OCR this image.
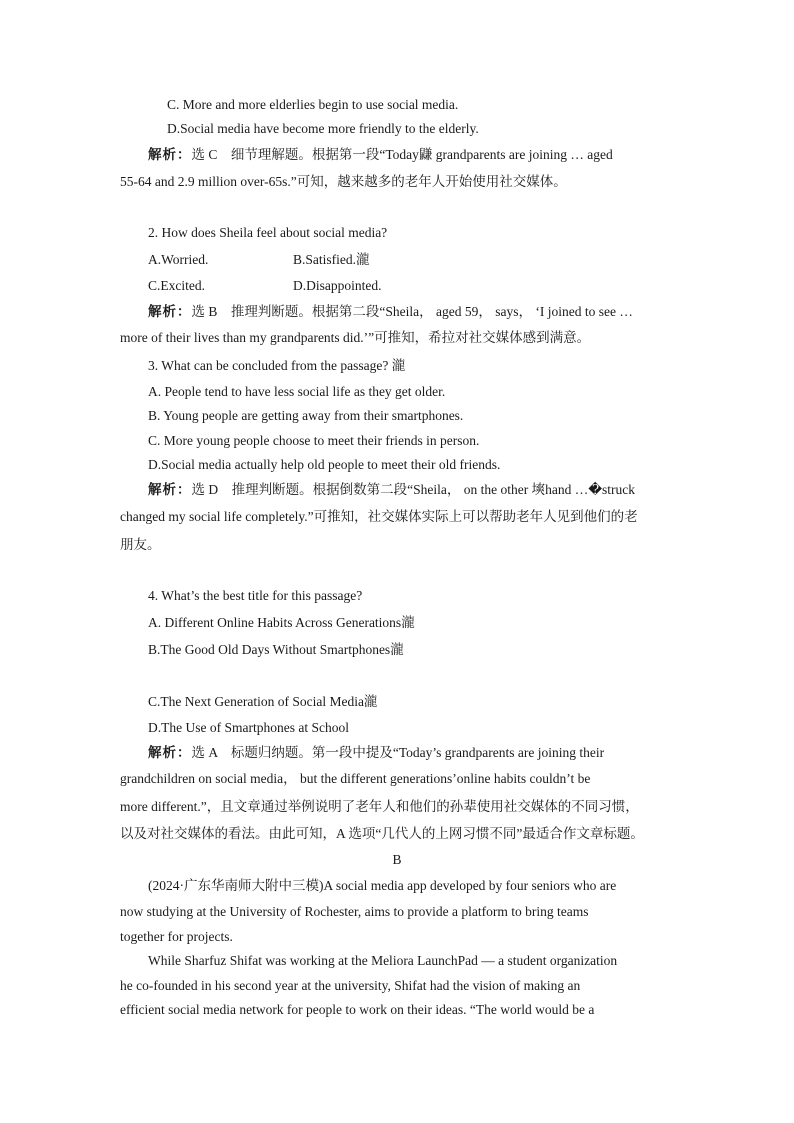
C. More and more elderlies begin to use social media.
D.Social media have become more friendly to the elderly.
解析：选 C　细节理解题。根据第一段“Today鼸 grandparents are joining … aged
55-64 and 2.9 million over-65s.”可知，越来越多的老年人开始使用社交媒体。
2. How does Sheila feel about social media?
A.Worried.	B.Satisfied.瀧
C.Excited.	D.Disappointed.
解析：选 B　推理判断题。根据第二段“Sheila， aged 59， says， ‘I joined to see …
more of their lives than my grandparents did.’”可推知，希拉对社交媒体感到满意。
3. What can be concluded from the passage? 瀧
A. People tend to have less social life as they get older.
B. Young people are getting away from their smartphones.
C. More young people choose to meet their friends in person.
D.Social media actually help old people to meet their old friends.
解析：选 D　推理判断题。根据倒数第二段“Sheila， on the other 塽hand …�struck
changed my social life completely.”可推知，社交媒体实际上可以帮助老年人见到他们的老
朋友。
4. What’s the best title for this passage?
A. Different Online Habits Across Generations瀧
B.The Good Old Days Without Smartphones瀧
C.The Next Generation of Social Media瀧
D.The Use of Smartphones at School
解析：选 A　标题归纳题。第一段中提及“Today’s grandparents are joining their
grandchildren on social media， but the different generations’online habits couldn’t be
more different.”，且文章通过举例说明了老年人和他们的孙辈使用社交媒体的不同习惯，
以及对社交媒体的看法。由此可知，A 选项“几代人的上网习惯不同”最适合作文章标题。
B
(2024·广东华南师大附中三模)A social media app developed by four seniors who are
now studying at the University of Rochester, aims to provide a platform to bring teams
together for projects.
While Sharfuz Shifat was working at the Meliora LaunchPad — a student organization
he co-founded in his second year at the university, Shifat had the vision of making an
efficient social media network for people to work on their ideas. “The world would be a
